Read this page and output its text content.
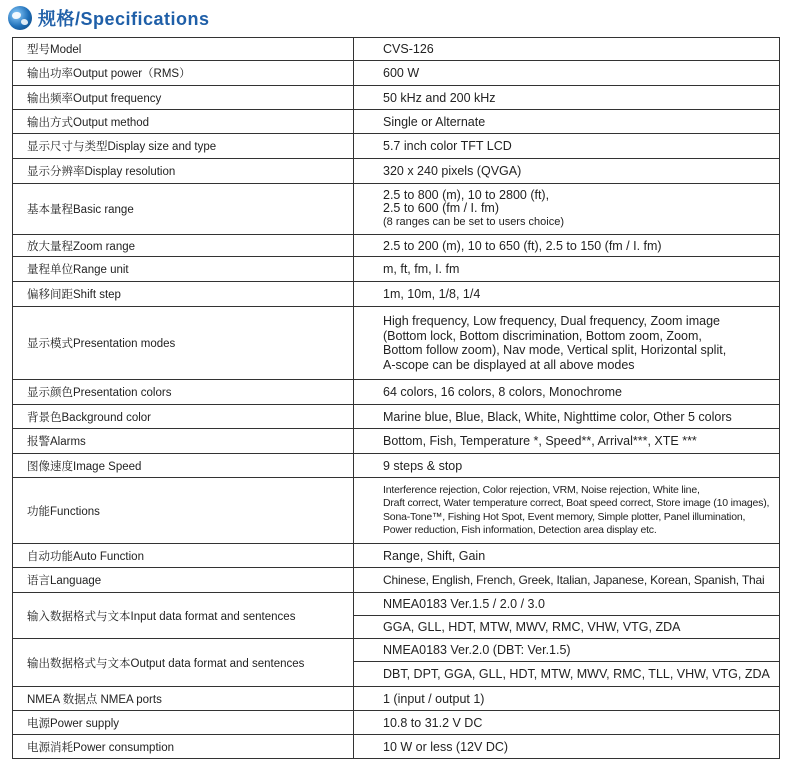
规格/Specifications
型号Model	CVS-126
输出功率Output power（RMS）	600 W
输出频率Output frequency	50 kHz and 200 kHz
输出方式Output method	Single or Alternate
显示尺寸与类型Display size and type	5.7 inch color TFT LCD
显示分辨率Display resolution	320 x 240 pixels (QVGA)
基本量程Basic range	2.5 to 800 (m), 10 to 2800 (ft),
2.5 to 600 (fm / I. fm)
(8 ranges can be set to users choice)

放大量程Zoom range	2.5 to 200 (m), 10 to 650 (ft), 2.5 to 150 (fm / I. fm)
量程单位Range unit	m, ft, fm, I. fm
偏移间距Shift step	1m, 10m, 1/8, 1/4
显示模式Presentation modes	High frequency, Low frequency, Dual frequency, Zoom image
(Bottom lock, Bottom discrimination, Bottom zoom, Zoom,
Bottom follow zoom), Nav mode, Vertical split, Horizontal split,
A-scope can be displayed at all above modes

显示颜色Presentation colors	64 colors, 16 colors, 8 colors, Monochrome
背景色Background color	Marine blue, Blue, Black, White, Nighttime color, Other 5 colors
报警Alarms	Bottom, Fish, Temperature *, Speed**, Arrival***, XTE ***
图像速度Image Speed	9 steps & stop
功能Functions	Interference rejection, Color rejection, VRM, Noise rejection, White line,
Draft correct, Water temperature correct, Boat speed correct, Store image (10 images),
Sona-Tone™, Fishing Hot Spot, Event memory, Simple plotter, Panel illumination,
Power reduction, Fish information, Detection area display etc.

自动功能Auto Function	Range, Shift, Gain
语言Language	Chinese, English, French, Greek, Italian, Japanese, Korean, Spanish, Thai
输入数据格式与文本Input data format and sentences	NMEA0183 Ver.1.5 / 2.0 / 3.0
	GGA, GLL, HDT, MTW, MWV, RMC, VHW, VTG, ZDA
输出数据格式与文本Output data format and sentences	NMEA0183 Ver.2.0 (DBT: Ver.1.5)
	DBT, DPT, GGA, GLL, HDT, MTW, MWV, RMC, TLL, VHW, VTG, ZDA
NMEA 数据点 NMEA ports	1 (input / output 1)
电源Power supply	10.8 to 31.2 V DC
电源消耗Power consumption	10 W or less (12V DC)
